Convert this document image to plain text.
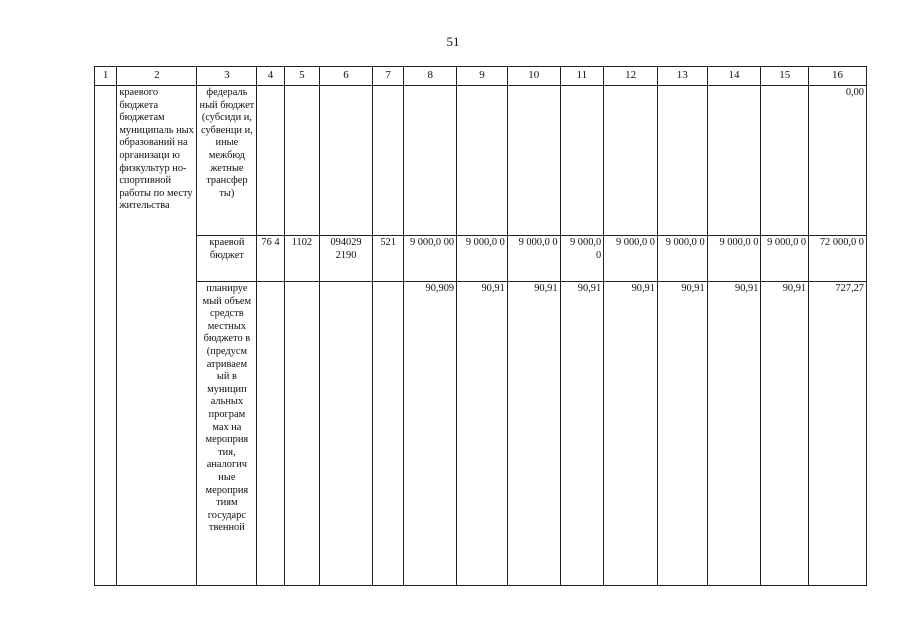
51
1	2	3	4	5	6	7	8	9	10	11	12	13	14	15	16
	краевого бюджета бюджетам муниципаль ных образований на организаци ю физкультур но-спортивной работы по месту жительства	федераль ный бюджет (субсиди и, субвенци и, иные межбюд жетные трансфер ты)													0,00
		краевой бюджет	76 4	1102	094029 2190	521	9 000,0 00	9 000,0 0	9 000,0 0	9 000,0 0	9 000,0 0	9 000,0 0	9 000,0 0	9 000,0 0	72 000,0 0
		планируе мый объем средств местных бюджето в (предусм атриваем ый в муницип альных програм мах на мероприя тия, аналогич ные мероприя тиям государс твенной					90,909	90,91	90,91	90,91	90,91	90,91	90,91	90,91	727,27
